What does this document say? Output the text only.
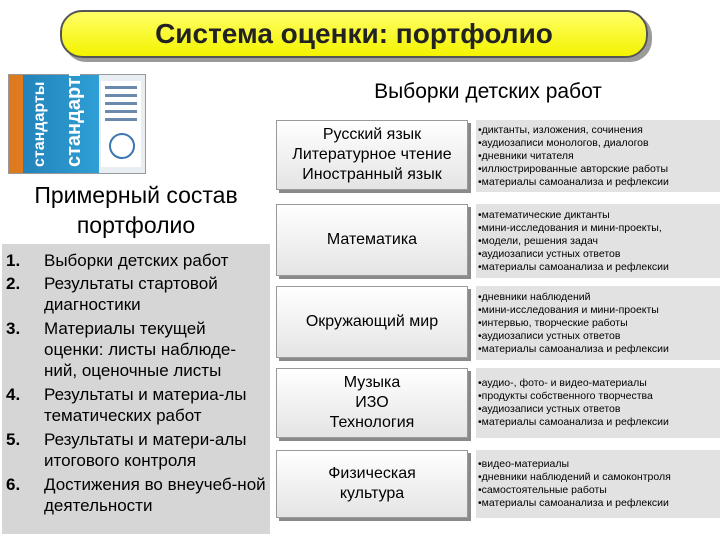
Система оценки: портфолио
стандарты стандарты
Примерный состав
портфолио
1. Выборки детских работ
2. Результаты стартовой диагностики
3. Материалы текущей оценки: листы наблюде-ний, оценочные листы
4. Результаты и материа-лы тематических работ
5. Результаты и матери-алы итогового контроля
6. Достижения во внеучеб-ной деятельности
Выборки детских работ
Русский язык
Литературное чтение
Иностранный язык
•диктанты, изложения, сочинения
•аудиозаписи монологов, диалогов
•дневники читателя
•иллюстрированные авторские работы
•материалы самоанализа и рефлексии
Математика
•математические диктанты
•мини-исследования и мини-проекты,
•модели, решения задач
•аудиозаписи устных ответов
•материалы самоанализа и рефлексии
Окружающий мир
•дневники наблюдений
•мини-исследования и мини-проекты
•интервью, творческие работы
•аудиозаписи устных ответов
•материалы самоанализа и рефлексии
Музыка
ИЗО
Технология
•аудио-, фото- и видео-материалы
•продукты собственного творчества
•аудиозаписи устных ответов
•материалы самоанализа и рефлексии
Физическая
культура
•видео-материалы
•дневники наблюдений и самоконтроля
•самостоятельные работы
•материалы самоанализа и рефлексии
